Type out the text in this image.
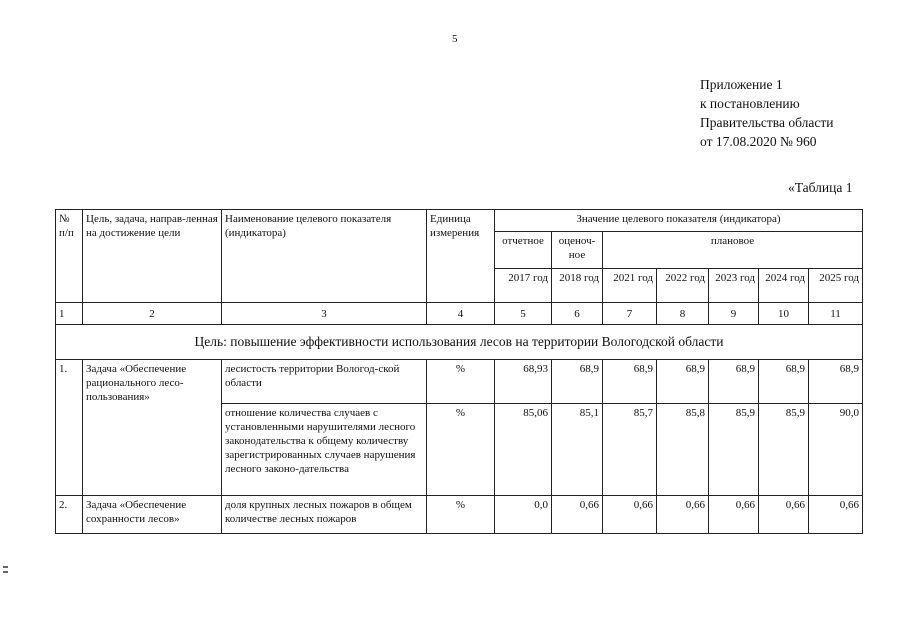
5
Приложение 1
к постановлению
Правительства области
от 17.08.2020 № 960
«Таблица 1
№ п/п	Цель, задача, направ-ленная на достижение цели	Наименование целевого показателя (индикатора)	Единица измерения	Значение целевого показателя (индикатора)						
				отчетное	оценоч-ное	плановое				
				2017 год	2018 год	2021 год	2022 год	2023 год	2024 год	2025 год
1	2	3	4	5	6	7	8	9	10	11
Цель: повышение эффективности использования лесов на территории Вологодской области										
1.	Задача «Обеспечение рационального лесо-пользования»	лесистость территории Вологод-ской области	%	68,93	68,9	68,9	68,9	68,9	68,9	68,9
		отношение количества случаев с установленными нарушителями лесного законодательства к общему количеству зарегистрированных случаев нарушения лесного законо-дательства	%	85,06	85,1	85,7	85,8	85,9	85,9	90,0
2.	Задача «Обеспечение сохранности лесов»	доля крупных лесных пожаров в общем количестве лесных пожаров	%	0,0	0,66	0,66	0,66	0,66	0,66	0,66
